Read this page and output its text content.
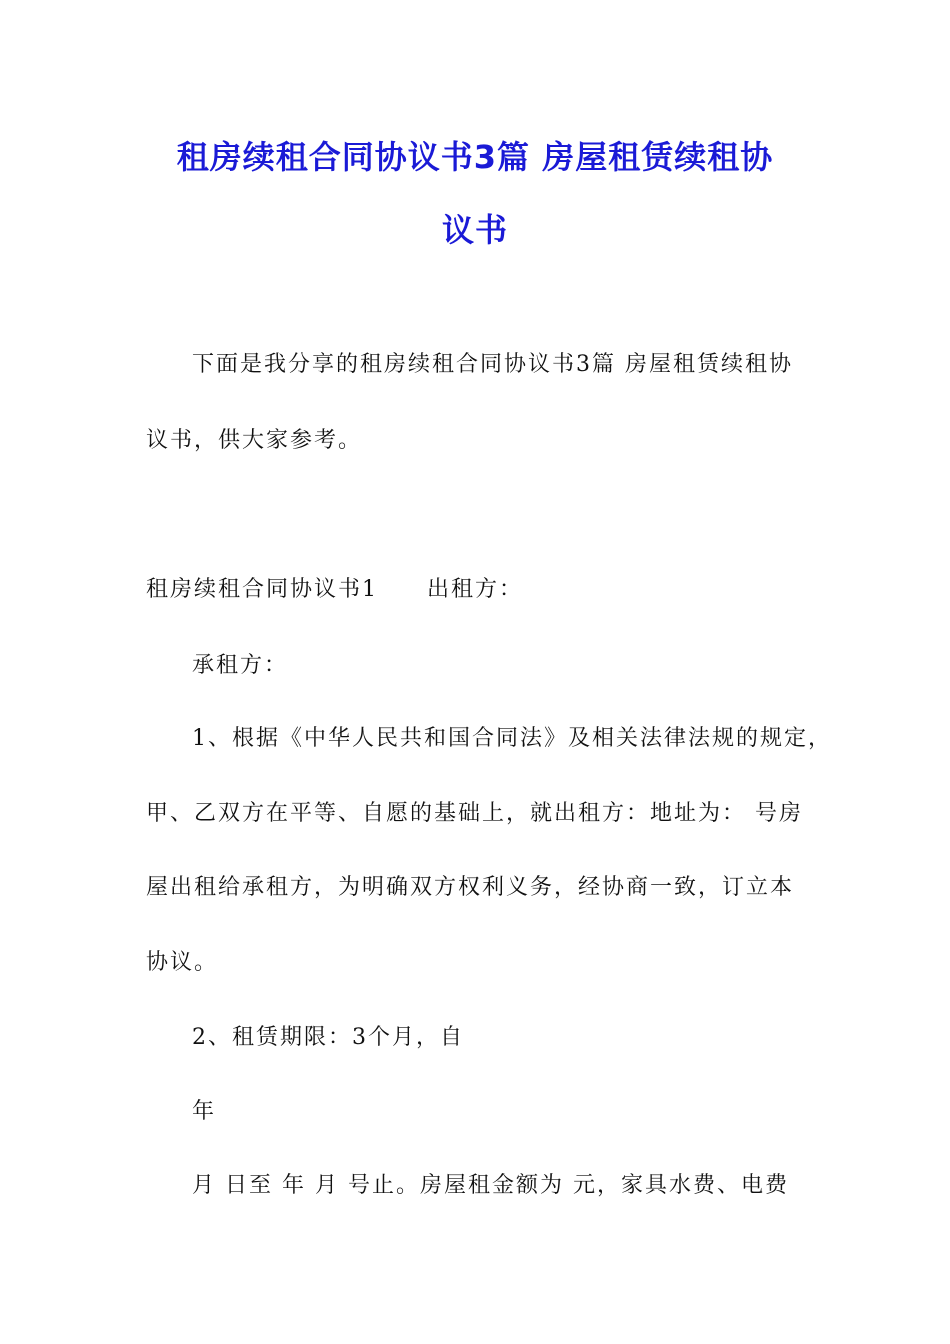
租房续租合同协议书3篇 房屋租赁续租协
议书
下面是我分享的租房续租合同协议书3篇 房屋租赁续租协
议书，供大家参考。
租房续租合同协议书1 出租方：
承租方：
1、根据《中华人民共和国合同法》及相关法律法规的规定，
甲、乙双方在平等、自愿的基础上，就出租方：地址为： 号房
屋出租给承租方，为明确双方权利义务，经协商一致，订立本
协议。
2、租赁期限：3个月，自
年
月 日至 年 月 号止。房屋租金额为 元，家具水费、电费
